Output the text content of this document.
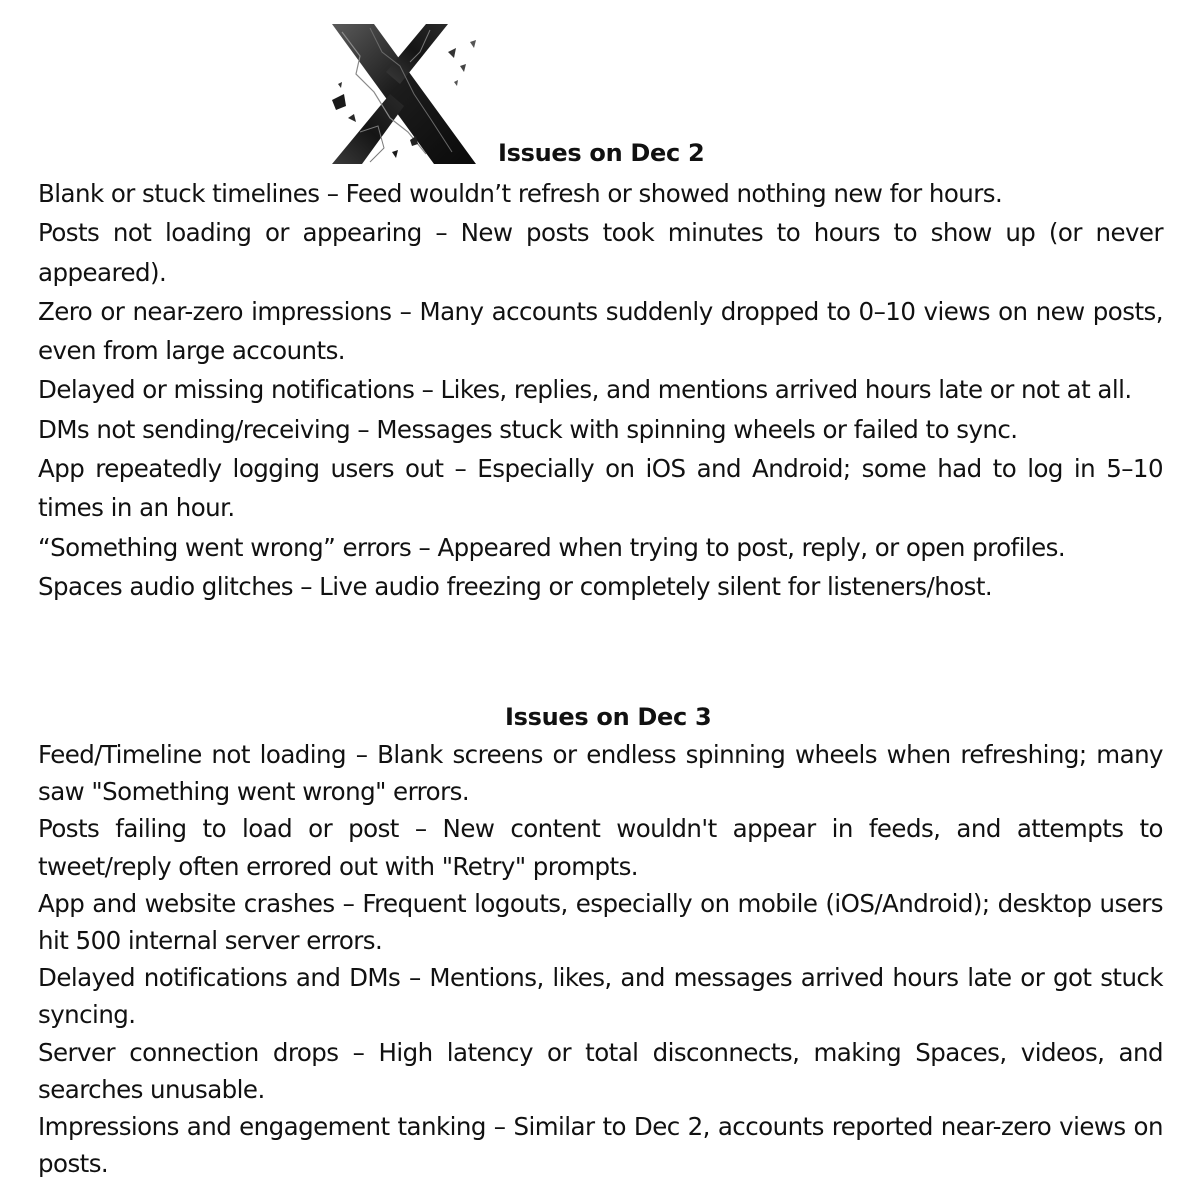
Issues on Dec 2
Blank or stuck timelines – Feed wouldn’t refresh or showed nothing new for hours.
Posts not loading or appearing – New posts took minutes to hours to show up (or never appeared).
Zero or near-zero impressions – Many accounts suddenly dropped to 0–10 views on new posts, even from large accounts.
Delayed or missing notifications – Likes, replies, and mentions arrived hours late or not at all.
DMs not sending/receiving – Messages stuck with spinning wheels or failed to sync.
App repeatedly logging users out – Especially on iOS and Android; some had to log in 5–10 times in an hour.
“Something went wrong” errors – Appeared when trying to post, reply, or open profiles.
Spaces audio glitches – Live audio freezing or completely silent for listeners/host.
Issues on Dec 3
Feed/Timeline not loading – Blank screens or endless spinning wheels when refreshing; many saw "Something went wrong" errors.
Posts failing to load or post – New content wouldn't appear in feeds, and attempts to tweet/reply often errored out with "Retry" prompts.
App and website crashes – Frequent logouts, especially on mobile (iOS/Android); desktop users hit 500 internal server errors.
Delayed notifications and DMs – Mentions, likes, and messages arrived hours late or got stuck syncing.
Server connection drops – High latency or total disconnects, making Spaces, videos, and searches unusable.
Impressions and engagement tanking – Similar to Dec 2, accounts reported near-zero views on posts.
